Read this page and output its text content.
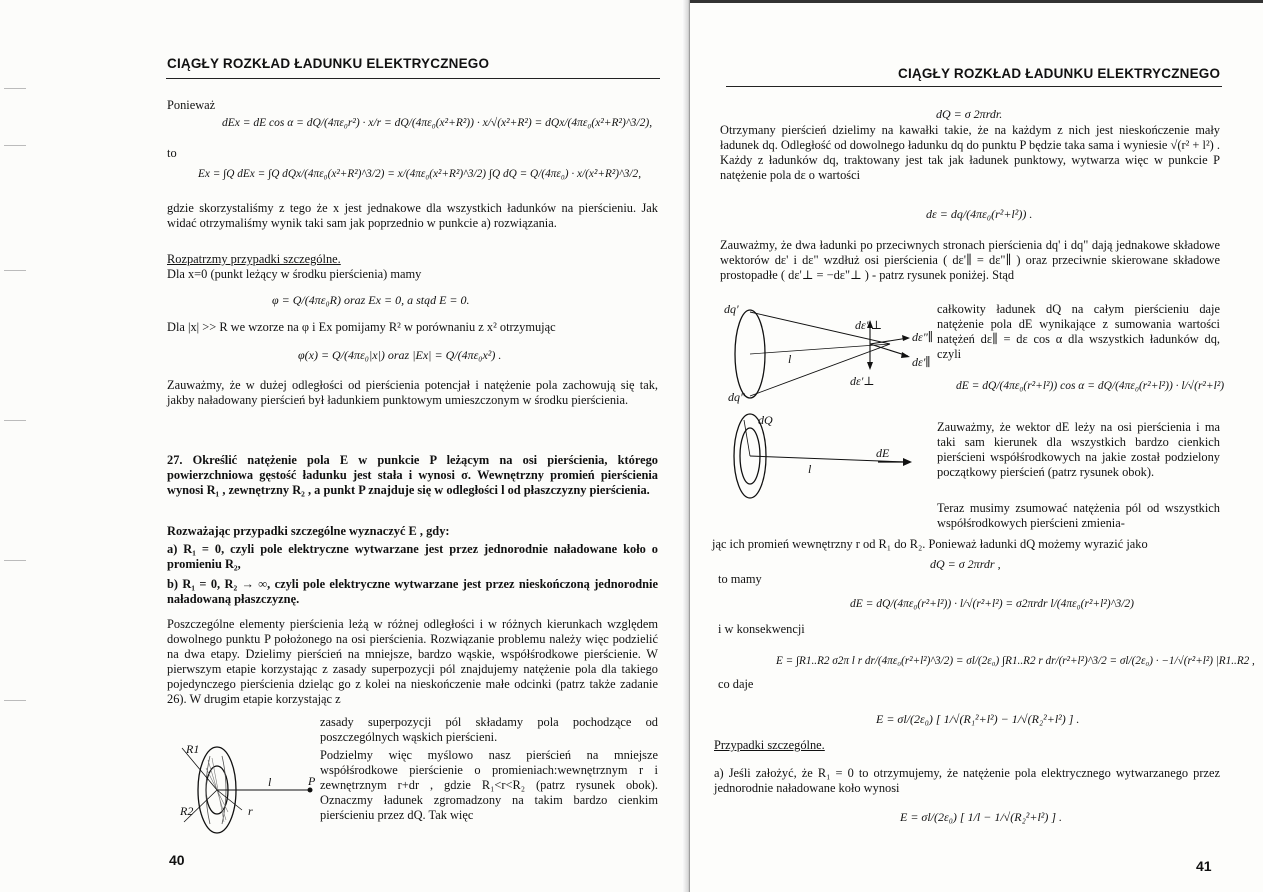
CIĄGŁY ROZKŁAD ŁADUNKU ELEKTRYCZNEGO
Ponieważ
dEx = dE cos α = dQ/(4πε₀r²) · x/r = dQ/(4πε₀(x²+R²)) · x/√(x²+R²) = dQx/(4πε₀(x²+R²)^3/2),
to
Ex = ∫Q dEx = ∫Q dQx/(4πε₀(x²+R²)^3/2) = x/(4πε₀(x²+R²)^3/2) ∫Q dQ = Q/(4πε₀) · x/(x²+R²)^3/2,
gdzie skorzystaliśmy z tego że x jest jednakowe dla wszystkich ładunków na pierścieniu. Jak widać otrzymaliśmy wynik taki sam jak poprzednio w punkcie a) rozwiązania.
Rozpatrzmy przypadki szczególne.
Dla x=0 (punkt leżący w środku pierścienia) mamy
φ = Q/(4πε₀R) oraz Ex = 0, a stąd E = 0.
Dla |x| >> R we wzorze na φ i Ex pomijamy R² w porównaniu z x² otrzymując
φ(x) = Q/(4πε₀|x|) oraz |Ex| = Q/(4πε₀x²) .
Zauważmy, że w dużej odległości od pierścienia potencjał i natężenie pola zachowują się tak, jakby naładowany pierścień był ładunkiem punktowym umieszczonym w środku pierścienia.
27. Określić natężenie pola E w punkcie P leżącym na osi pierścienia, którego powierzchniowa gęstość ładunku jest stała i wynosi σ. Wewnętrzny promień pierścienia wynosi R₁ , zewnętrzny R₂ , a punkt P znajduje się w odległości l od płaszczyzny pierścienia.
Rozważając przypadki szczególne wyznaczyć E , gdy:
a) R₁ = 0, czyli pole elektryczne wytwarzane jest przez jednorodnie naładowane koło o promieniu R₂,
b) R₁ = 0, R₂ → ∞, czyli pole elektryczne wytwarzane jest przez nieskończoną jednorodnie naładowaną płaszczyznę.
Poszczególne elementy pierścienia leżą w różnej odległości i w różnych kierunkach względem dowolnego punktu P położonego na osi pierścienia. Rozwiązanie problemu należy więc podzielić na dwa etapy. Dzielimy pierścień na mniejsze, bardzo wąskie, współśrodkowe pierścienie. W pierwszym etapie korzystając z zasady superpozycji pól znajdujemy natężenie pola dla takiego pojedynczego pierścienia dzieląc go z kolei na nieskończenie małe odcinki (patrz także zadanie 26). W drugim etapie korzystając z
zasady superpozycji pól składamy pola pochodzące od poszczególnych wąskich pierścieni.
Podzielmy więc myślowo nasz pierścień na mniejsze współśrodkowe pierścienie o promieniach:wewnętrznym r i zewnętrznym r+dr , gdzie R₁<r<R₂ (patrz rysunek obok). Oznaczmy ładunek zgromadzony na takim bardzo cienkim pierścieniu przez dQ. Tak więc
R1
R2
l	P
r
40
CIĄGŁY ROZKŁAD ŁADUNKU ELEKTRYCZNEGO
dQ = σ 2πrdr.
Otrzymany pierścień dzielimy na kawałki takie, że na każdym z nich jest nieskończenie mały ładunek dq. Odległość od dowolnego ładunku dq do punktu P będzie taka sama i wyniesie √(r² + l²) . Każdy z ładunków dq, traktowany jest tak jak ładunek punktowy, wytwarza więc w punkcie P natężenie pola dε o wartości
dε = dq/(4πε₀(r²+l²)) .
Zauważmy, że dwa ładunki po przeciwnych stronach pierścienia dq' i dq" dają jednakowe składowe wektorów dε' i dε" wzdłuż osi pierścienia ( dε'∥ = dε"∥ ) oraz przeciwnie skierowane składowe prostopadłe ( dε'⊥ = −dε"⊥ ) - patrz rysunek poniżej. Stąd
dq'
dq"
dε"⊥
dε"∥
dε'∥
dε'⊥
l
całkowity ładunek dQ na całym pierścieniu daje natężenie pola dE wynikające z sumowania wartości natężeń dε∥ = dε cos α dla wszystkich ładunków dq, czyli
dE = dQ/(4πε₀(r²+l²)) cos α = dQ/(4πε₀(r²+l²)) · l/√(r²+l²)
dQ
dE
l
Zauważmy, że wektor dE leży na osi pierścienia i ma taki sam kierunek dla wszystkich bardzo cienkich pierścieni współśrodkowych na jakie został podzielony początkowy pierścień (patrz rysunek obok).
Teraz musimy zsumować natężenia pól od wszystkich współśrodkowych pierścieni zmienia-
jąc ich promień wewnętrzny r od R₁ do R₂. Ponieważ ładunki dQ możemy wyrazić jako
dQ = σ 2πrdr ,
to mamy
dE = dQ/(4πε₀(r²+l²)) · l/√(r²+l²) = σ2πrdr l/(4πε₀(r²+l²)^3/2)
i w konsekwencji
E = ∫R1..R2 σ2π l r dr/(4πε₀(r²+l²)^3/2) = σl/(2ε₀) ∫R1..R2 r dr/(r²+l²)^3/2 = σl/(2ε₀) · −1/√(r²+l²) |R1..R2 ,
co daje
E = σl/(2ε₀) [ 1/√(R₁²+l²) − 1/√(R₂²+l²) ] .
Przypadki szczególne.
a) Jeśli założyć, że R₁ = 0 to otrzymujemy, że natężenie pola elektrycznego wytwarzanego przez jednorodnie naładowane koło wynosi
E = σl/(2ε₀) [ 1/l − 1/√(R₂²+l²) ] .
41
